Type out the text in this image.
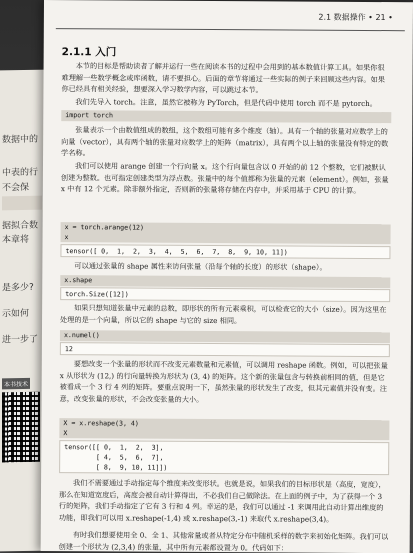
数据中的
中表的行
不会保
据拟合数
本章将
是多少?
示如何
进一步了
本书技术
2.1 数据操作 • 21 •
2.1.1 入门
本节的目标是帮助读者了解并运行一些在阅读本书的过程中会用到的基本数值计算工具。如果你很难理解一些数学概念或库函数，请不要担心。后面的章节将通过一些实际的例子来回顾这些内容。如果你已经具有相关经验，想要深入学习数学内容，可以跳过本节。
我们先导入 torch。注意，虽然它被称为 PyTorch，但是代码中使用 torch 而不是 pytorch。
import torch
张量表示一个由数值组成的数组，这个数组可能有多个维度（轴）。具有一个轴的张量对应数学上的向量（vector），具有两个轴的张量对应数学上的矩阵（matrix），具有两个以上轴的张量没有特定的数学名称。
我们可以使用 arange 创建一个行向量 x。这个行向量包含以 0 开始的前 12 个整数，它们被默认创建为整数。也可指定创建类型为浮点数。张量中的每个值都称为张量的元素（element）。例如，张量 x 中有 12 个元素。除非额外指定，否则新的张量将存储在内存中，并采用基于 CPU 的计算。
x = torch.arange(12)
x
tensor([ 0,  1,  2,  3,  4,  5,  6,  7,  8,  9, 10, 11])
可以通过张量的 shape 属性来访问张量（沿每个轴的长度）的形状（shape）。
x.shape
torch.Size([12])
如果只想知道张量中元素的总数，即形状的所有元素乘积，可以检查它的大小（size）。因为这里在处理的是一个向量，所以它的 shape 与它的 size 相同。
x.numel()
12
要想改变一个张量的形状而不改变元素数量和元素值，可以调用 reshape 函数。例如，可以把张量 x 从形状为 (12,) 的行向量转换为形状为 (3, 4) 的矩阵。这个新的张量包含与转换前相同的值，但是它被看成一个 3 行 4 列的矩阵。要重点说明一下，虽然张量的形状发生了改变，但其元素值并没有变。注意，改变张量的形状，不会改变张量的大小。
X = x.reshape(3, 4)
X
tensor([[ 0,  1,  2,  3],
[ 4,  5,  6,  7],
[ 8,  9, 10, 11]])
我们不需要通过手动指定每个维度来改变形状。也就是说，如果我们的目标形状是（高度，宽度），那么在知道宽度后，高度会被自动计算得出，不必我们自己做除法。在上面的例子中，为了获得一个 3 行的矩阵，我们手动指定了它有 3 行和 4 列。幸运的是，我们可以通过 -1 来调用此自动计算出维度的功能，即我们可以用 x.reshape(-1,4) 或 x.reshape(3,-1) 来取代 x.reshape(3,4)。
有时我们想要使用全 0、全 1、其他常量或者从特定分布中随机采样的数字来初始化矩阵。我们可以创建一个形状为 (2,3,4) 的张量，其中所有元素都设置为 0。代码如下：
